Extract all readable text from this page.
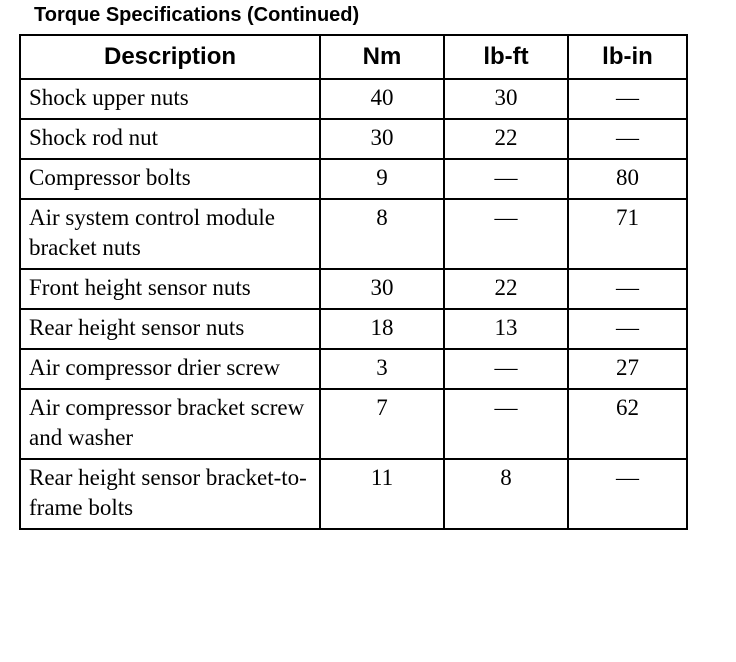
Torque Specifications (Continued)
Description	Nm	lb-ft	lb-in
Shock upper nuts	40	30	—
Shock rod nut	30	22	—
Compressor bolts	9	—	80
Air system control module bracket nuts	8	—	71
Front height sensor nuts	30	22	—
Rear height sensor nuts	18	13	—
Air compressor drier screw	3	—	27
Air compressor bracket screw and washer	7	—	62
Rear height sensor bracket-to-frame bolts	11	8	—
